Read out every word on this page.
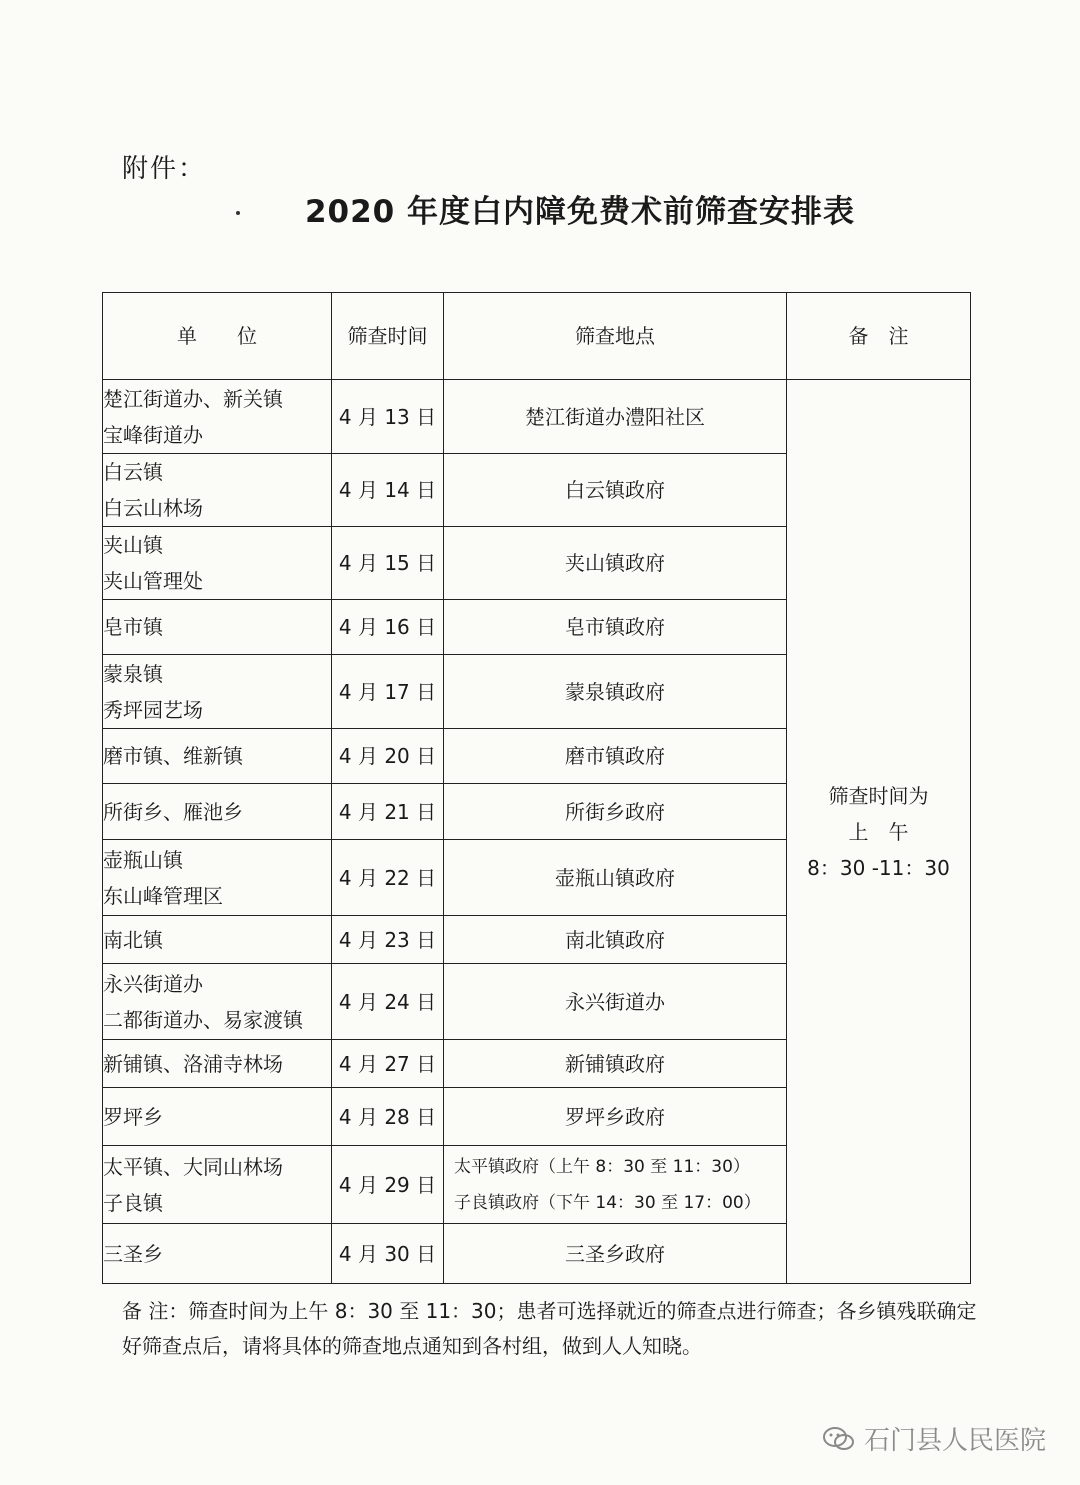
附件：
2020 年度白内障免费术前筛查安排表
单　　位	筛查时间	筛查地点	备　注

楚江街道办、新关镇
宝峰街道办	4 月 13 日	楚江街道办澧阳社区	筛查时间为
上　午
8：30 -11：30

白云镇
白云山林场	4 月 14 日	白云镇政府	

夹山镇
夹山管理处	4 月 15 日	夹山镇政府	

皂市镇	4 月 16 日	皂市镇政府	

蒙泉镇
秀坪园艺场	4 月 17 日	蒙泉镇政府	

磨市镇、维新镇	4 月 20 日	磨市镇政府	

所街乡、雁池乡	4 月 21 日	所街乡政府	

壶瓶山镇
东山峰管理区	4 月 22 日	壶瓶山镇政府	

南北镇	4 月 23 日	南北镇政府	

永兴街道办
二都街道办、易家渡镇	4 月 24 日	永兴街道办	

新铺镇、洛浦寺林场	4 月 27 日	新铺镇政府	

罗坪乡	4 月 28 日	罗坪乡政府	

太平镇、大同山林场
子良镇	4 月 29 日	太平镇政府（上午 8：30 至 11：30）
子良镇政府（下午 14：30 至 17：00）	

三圣乡	4 月 30 日	三圣乡政府	
备 注：筛查时间为上午 8：30 至 11：30；患者可选择就近的筛查点进行筛查；各乡镇残联确定好筛查点后，请将具体的筛查地点通知到各村组，做到人人知晓。
石门县人民医院
